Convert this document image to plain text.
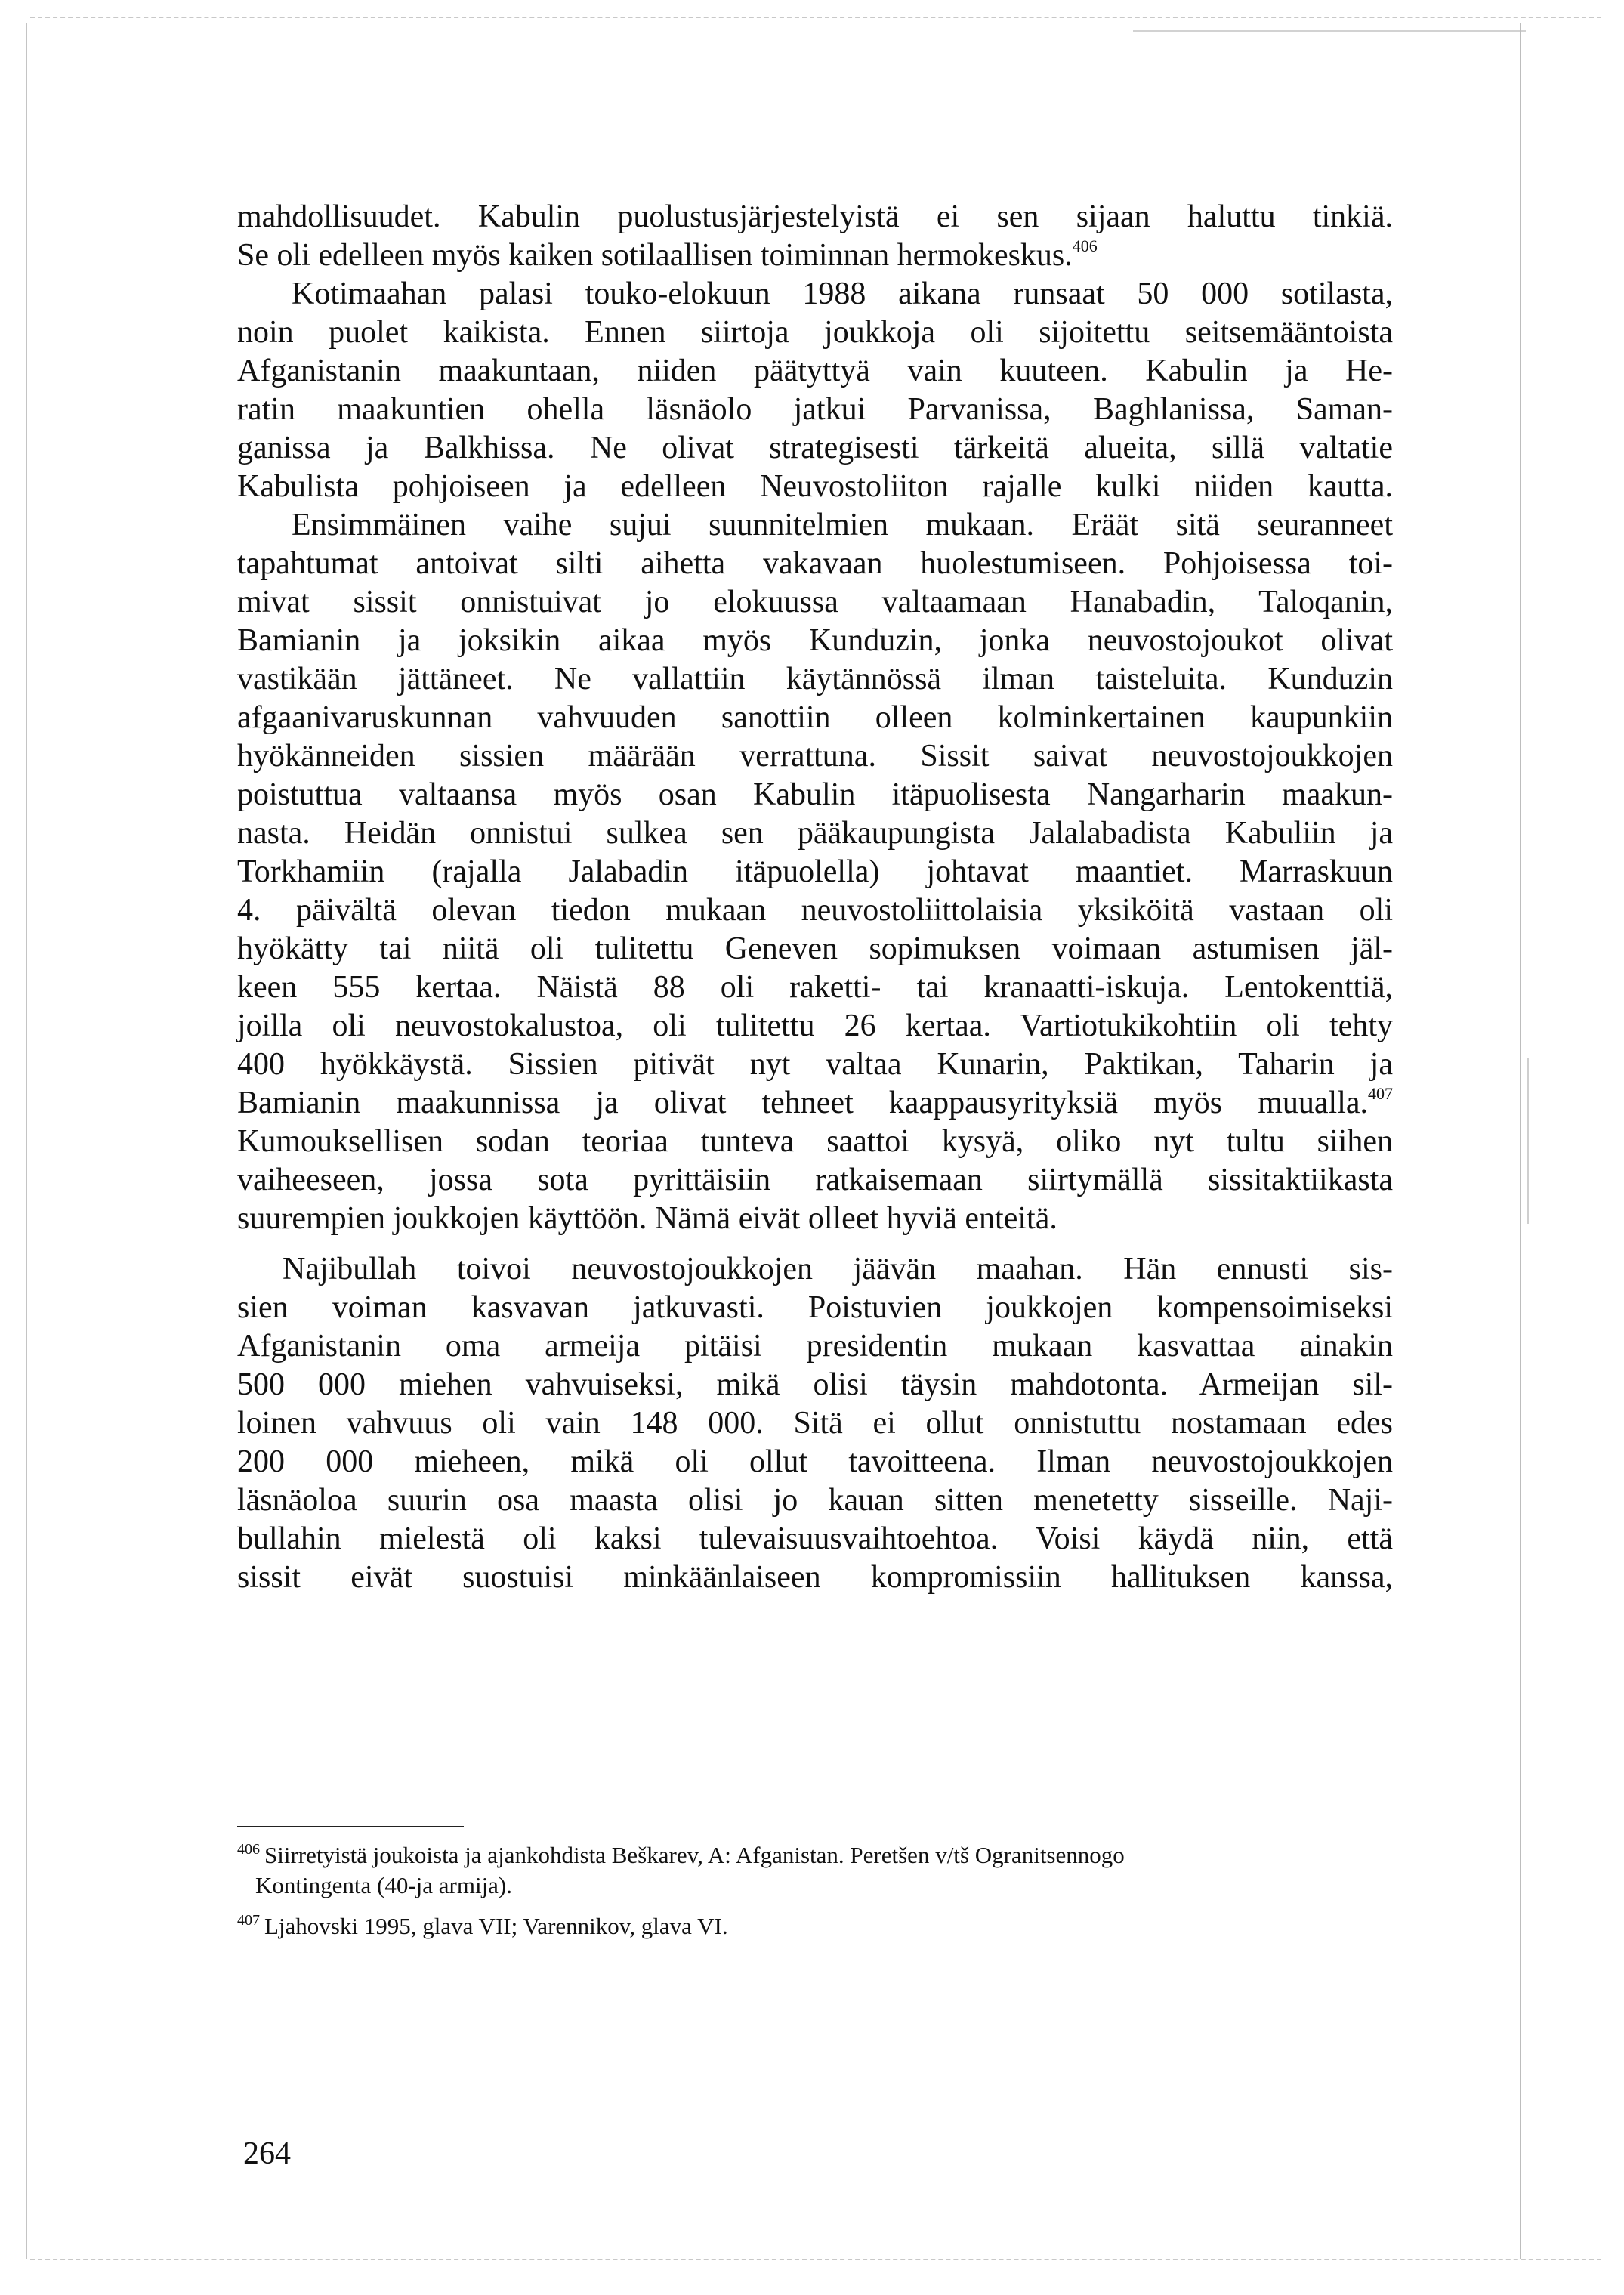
mahdollisuudet. Kabulin puolustusjärjestelyistä ei sen sijaan haluttu tinkiä.
Se oli edelleen myös kaiken sotilaallisen toiminnan hermokeskus.$^{406}$
Kotimaahan palasi touko-elokuun 1988 aikana runsaat 50 000 sotilasta,
noin puolet kaikista. Ennen siirtoja joukkoja oli sijoitettu seitsemääntoista
Afganistanin maakuntaan, niiden päätyttyä vain kuuteen. Kabulin ja He-
ratin maakuntien ohella läsnäolo jatkui Parvanissa, Baghlanissa, Saman-
ganissa ja Balkhissa. Ne olivat strategisesti tärkeitä alueita, sillä valtatie
Kabulista pohjoiseen ja edelleen Neuvostoliiton rajalle kulki niiden kautta.
Ensimmäinen vaihe sujui suunnitelmien mukaan. Eräät sitä seuranneet
tapahtumat antoivat silti aihetta vakavaan huolestumiseen. Pohjoisessa toi-
mivat sissit onnistuivat jo elokuussa valtaamaan Hanabadin, Taloqanin,
Bamianin ja joksikin aikaa myös Kunduzin, jonka neuvostojoukot olivat
vastikään jättäneet. Ne vallattiin käytännössä ilman taisteluita. Kunduzin
afgaanivaruskunnan vahvuuden sanottiin olleen kolminkertainen kaupunkiin
hyökänneiden sissien määrään verrattuna. Sissit saivat neuvostojoukkojen
poistuttua valtaansa myös osan Kabulin itäpuolisesta Nangarharin maakun-
nasta. Heidän onnistui sulkea sen pääkaupungista Jalalabadista Kabuliin ja
Torkhamiin (rajalla Jalabadin itäpuolella) johtavat maantiet. Marraskuun
4. päivältä olevan tiedon mukaan neuvostoliittolaisia yksiköitä vastaan oli
hyökätty tai niitä oli tulitettu Geneven sopimuksen voimaan astumisen jäl-
keen 555 kertaa. Näistä 88 oli raketti- tai kranaatti-iskuja. Lentokenttiä,
joilla oli neuvostokalustoa, oli tulitettu 26 kertaa. Vartiotukikohtiin oli tehty
400 hyökkäystä. Sissien pitivät nyt valtaa Kunarin, Paktikan, Taharin ja
Bamianin maakunnissa ja olivat tehneet kaappausyrityksiä myös muualla.$^{407}$
Kumouksellisen sodan teoriaa tunteva saattoi kysyä, oliko nyt tultu siihen
vaiheeseen, jossa sota pyrittäisiin ratkaisemaan siirtymällä sissitaktiikasta
suurempien joukkojen käyttöön. Nämä eivät olleet hyviä enteitä.
Najibullah toivoi neuvostojoukkojen jäävän maahan. Hän ennusti sis-
sien voiman kasvavan jatkuvasti. Poistuvien joukkojen kompensoimiseksi
Afganistanin oma armeija pitäisi presidentin mukaan kasvattaa ainakin
500 000 miehen vahvuiseksi, mikä olisi täysin mahdotonta. Armeijan sil-
loinen vahvuus oli vain 148 000. Sitä ei ollut onnistuttu nostamaan edes
200 000 mieheen, mikä oli ollut tavoitteena. Ilman neuvostojoukkojen
läsnäoloa suurin osa maasta olisi jo kauan sitten menetetty sisseille. Naji-
bullahin mielestä oli kaksi tulevaisuusvaihtoehtoa. Voisi käydä niin, että
sissit eivät suostuisi minkäänlaiseen kompromissiin hallituksen kanssa,
$^{406}$ Siirretyistä joukoista ja ajankohdista Beškarev, A: Afganistan. Peretšen v/tš Ogranitsennogo
Kontingenta (40-ja armija).
$^{407}$ Ljahovski 1995, glava VII; Varennikov, glava VI.
264
